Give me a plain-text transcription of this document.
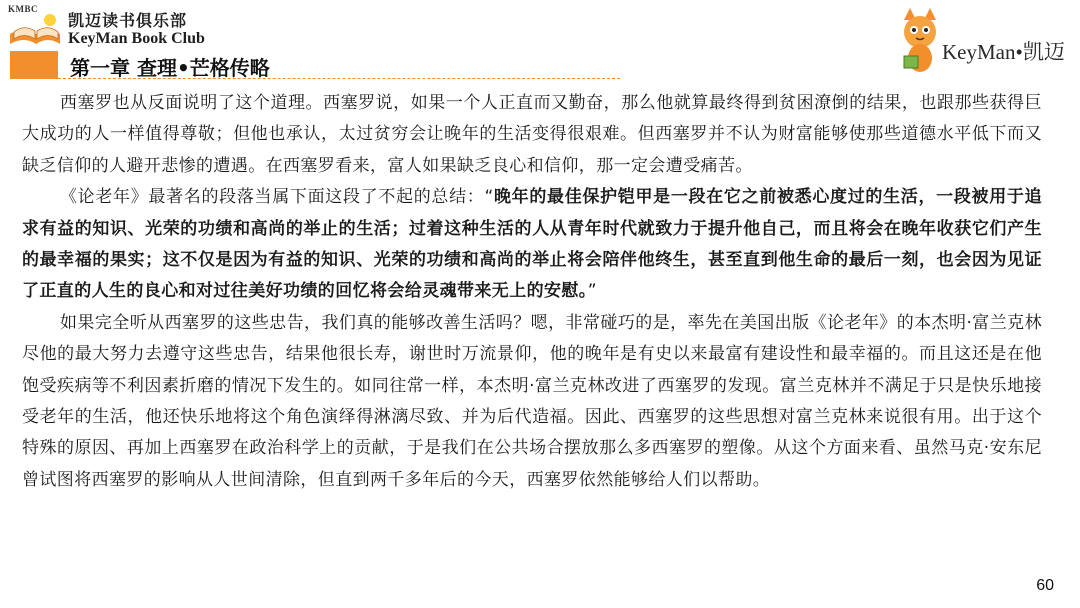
KMBC
凯迈读书俱乐部
KeyMan Book Club
第一章 查理•芒格传略
KeyMan•凯迈

西塞罗也从反面说明了这个道理。西塞罗说，如果一个人正直而又勤奋，那么他就算最终得到贫困潦倒的结果，也跟那些获得巨大成功的人一样值得尊敬；但他也承认，太过贫穷会让晚年的生活变得很艰难。但西塞罗并不认为财富能够使那些道德水平低下而又缺乏信仰的人避开悲惨的遭遇。在西塞罗看来，富人如果缺乏良心和信仰，那一定会遭受痛苦。

《论老年》最著名的段落当属下面这段了不起的总结：“晚年的最佳保护铠甲是一段在它之前被悉心度过的生活，一段被用于追求有益的知识、光荣的功绩和高尚的举止的生活；过着这种生活的人从青年时代就致力于提升他自己，而且将会在晚年收获它们产生的最幸福的果实；这不仅是因为有益的知识、光荣的功绩和高尚的举止将会陪伴他终生，甚至直到他生命的最后一刻，也会因为见证了正直的人生的良心和对过往美好功绩的回忆将会给灵魂带来无上的安慰。”

如果完全听从西塞罗的这些忠告，我们真的能够改善生活吗？嗯，非常碰巧的是，率先在美国出版《论老年》的本杰明·富兰克林尽他的最大努力去遵守这些忠告，结果他很长寿，谢世时万流景仰，他的晚年是有史以来最富有建设性和最幸福的。而且这还是在他饱受疾病等不利因素折磨的情况下发生的。如同往常一样，本杰明·富兰克林改进了西塞罗的发现。富兰克林并不满足于只是快乐地接受老年的生活，他还快乐地将这个角色演绎得淋漓尽致、并为后代造福。因此、西塞罗的这些思想对富兰克林来说很有用。出于这个特殊的原因、再加上西塞罗在政治科学上的贡献，于是我们在公共场合摆放那么多西塞罗的塑像。从这个方面来看、虽然马克·安东尼曾试图将西塞罗的影响从人世间清除，但直到两千多年后的今天，西塞罗依然能够给人们以帮助。

60
